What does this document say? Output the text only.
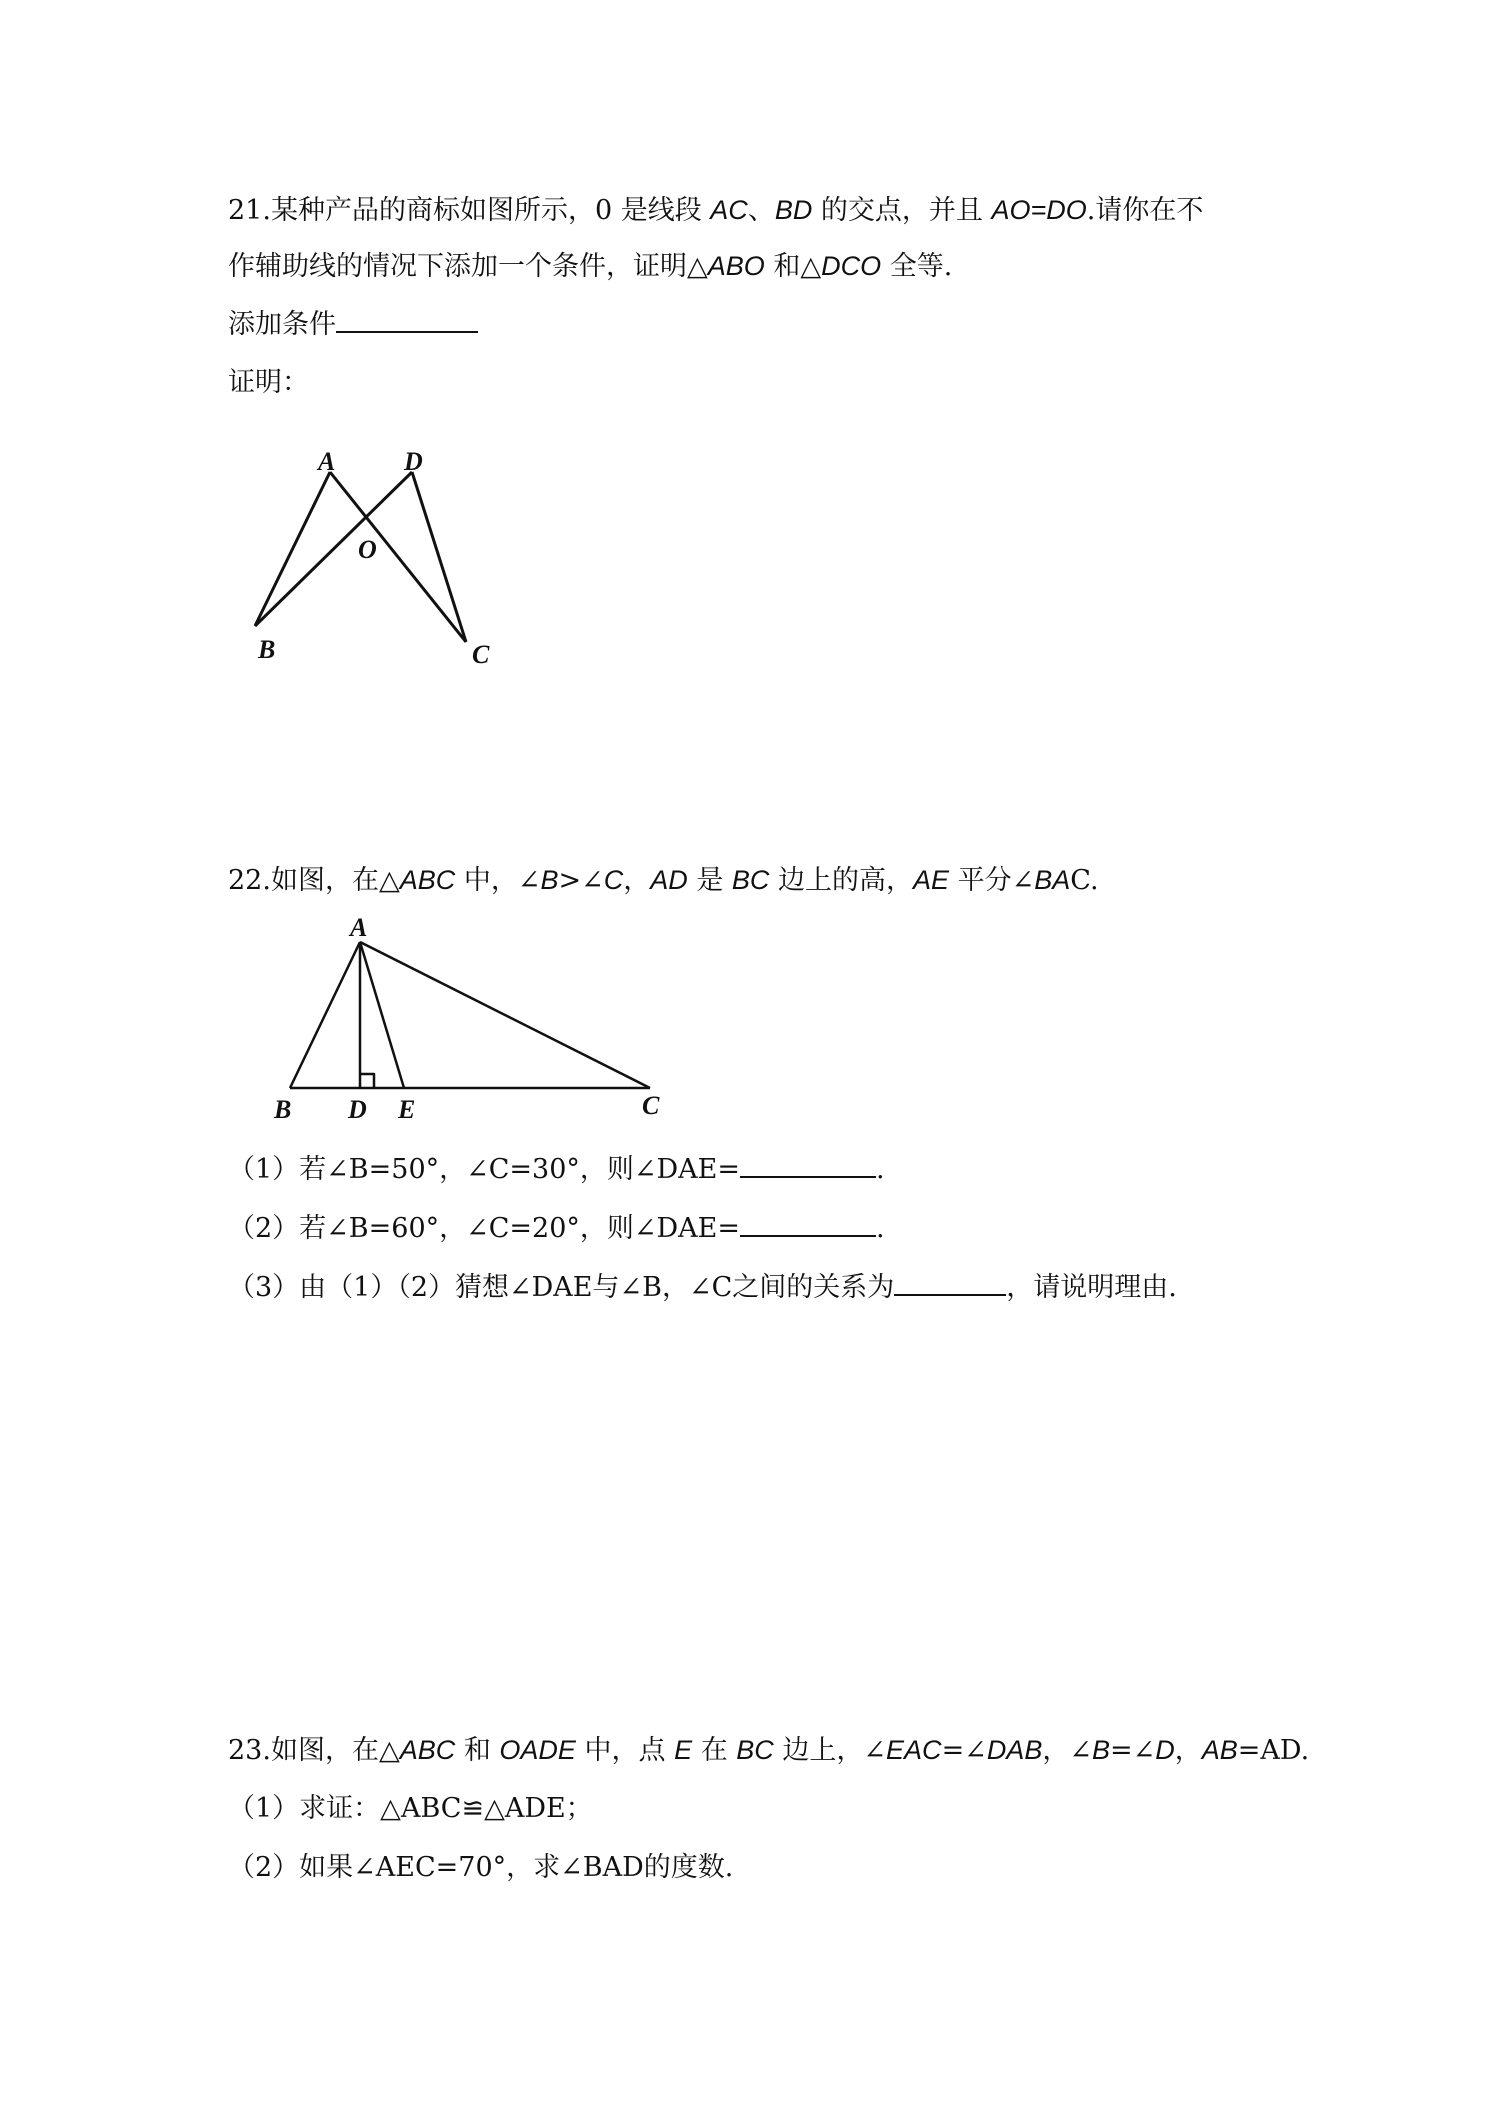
21.某种产品的商标如图所示，0 是线段 AC、BD 的交点，并且 AO=DO.请你在不

作辅助线的情况下添加一个条件，证明△ABO 和△DCO 全等.

添加条件

证明：

A	D
O
B	C

22.如图，在△ABC 中，∠B>∠C，AD 是 BC 边上的高，AE 平分∠BAC.

A
B D E	C

（1）若∠B=50°，∠C=30°，则∠DAE=	.

（2）若∠B=60°，∠C=20°，则∠DAE=	.

（3）由（1）（2）猜想∠DAE与∠B，∠C之间的关系为	，请说明理由.

23.如图，在△ABC 和 OADE 中，点 E 在 BC 边上，∠EAC=∠DAB，∠B=∠D，AB=AD.

（1）求证：△ABC≌△ADE；

（2）如果∠AEC=70°，求∠BAD的度数.
